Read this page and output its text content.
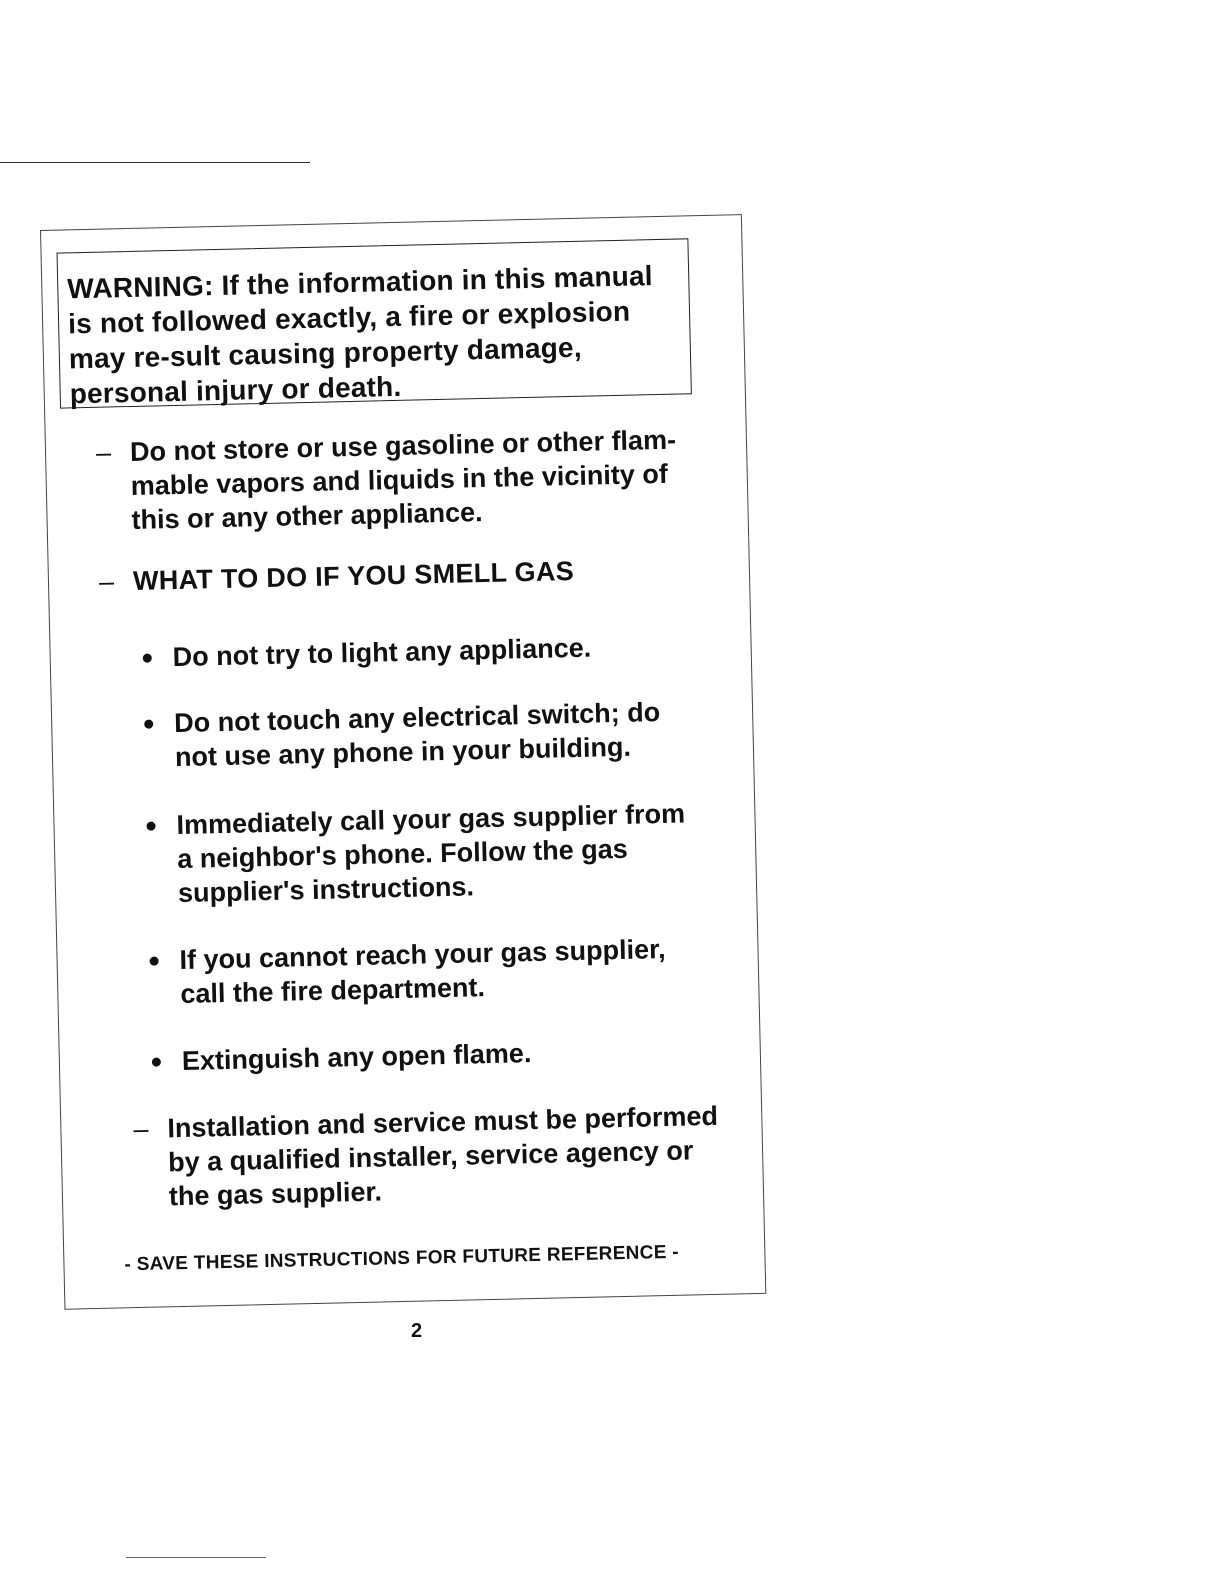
WARNING: If the information in this manual is not followed exactly, a fire or explosion may re-sult causing property damage, personal injury or death.

– Do not store or use gasoline or other flam-mable vapors and liquids in the vicinity of this or any other appliance.
– WHAT TO DO IF YOU SMELL GAS
Do not try to light any appliance.
Do not touch any electrical switch; do not use any phone in your building.
Immediately call your gas supplier from a neighbor's phone. Follow the gas supplier's instructions.
If you cannot reach your gas supplier, call the fire department.
Extinguish any open flame.
– Installation and service must be performed by a qualified installer, service agency or the gas supplier.
- SAVE THESE INSTRUCTIONS FOR FUTURE REFERENCE -
2
